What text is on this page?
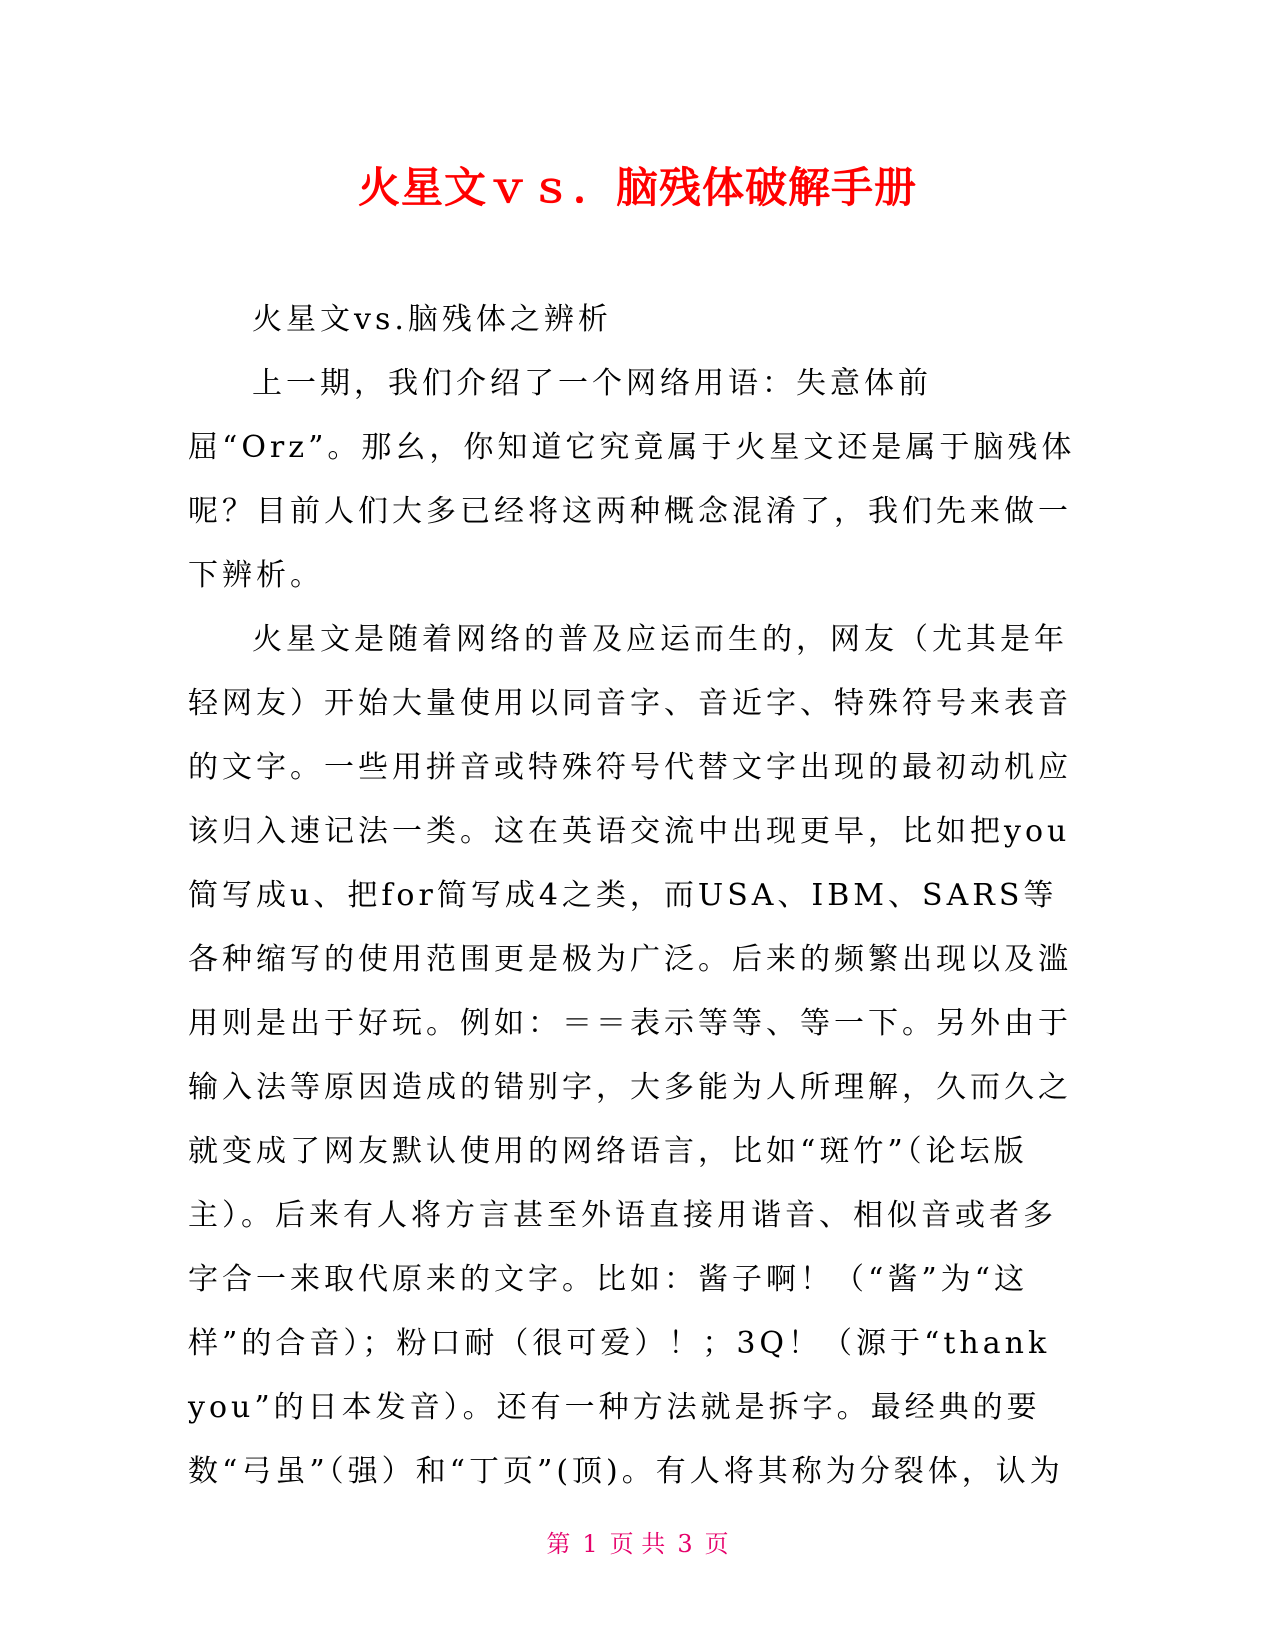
火星文ｖｓ．脑残体破解手册

火星文vs.脑残体之辨析

上一期，我们介绍了一个网络用语：失意体前屈“Orz”。那幺，你知道它究竟属于火星文还是属于脑残体呢？目前人们大多已经将这两种概念混淆了，我们先来做一下辨析。

火星文是随着网络的普及应运而生的，网友（尤其是年轻网友）开始大量使用以同音字、音近字、特殊符号来表音的文字。一些用拼音或特殊符号代替文字出现的最初动机应该归入速记法一类。这在英语交流中出现更早，比如把you简写成u、把for简写成4之类，而USA、IBM、SARS等各种缩写的使用范围更是极为广泛。后来的频繁出现以及滥用则是出于好玩。例如：＝＝表示等等、等一下。另外由于输入法等原因造成的错别字，大多能为人所理解，久而久之就变成了网友默认使用的网络语言，比如“斑竹”（论坛版主）。后来有人将方言甚至外语直接用谐音、相似音或者多字合一来取代原来的文字。比如：酱子啊！（“酱”为“这样”的合音）；粉口耐（很可爱）！；3Q！（源于“thank you”的日本发音）。还有一种方法就是拆字。最经典的要数“弓虽”（强）和“丁页”(顶)。有人将其称为分裂体，认为

第 1 页 共 3 页
